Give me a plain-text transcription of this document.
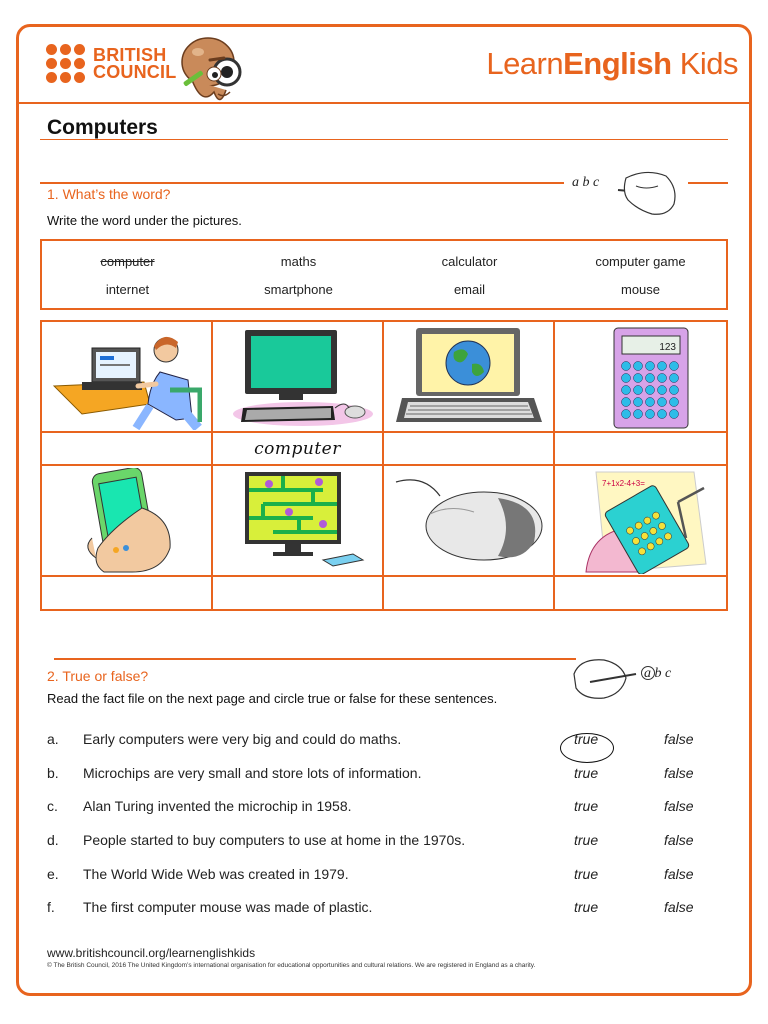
BRITISH
COUNCIL	LearnEnglish Kids
Computers
a b c
1. What’s the word?
Write the word under the pictures.
computer	maths	calculator	computer game
internet	smartphone	email	mouse
123
computer
7+1x2-4+3=
a b c
2. True or false?
Read the fact file on the next page and circle true or false for these sentences.
a. Early computers were very big and could do maths.	true	false
b. Microchips are very small and store lots of information.	true	false
c. Alan Turing invented the microchip in 1958.	true	false
d. People started to buy computers to use at home in the 1970s.	true	false
e. The World Wide Web was created in 1979.	true	false
f. The first computer mouse was made of plastic.	true	false
www.britishcouncil.org/learnenglishkids
© The British Council, 2016 The United Kingdom’s international organisation for educational opportunities and cultural relations. We are registered in England as a charity.
